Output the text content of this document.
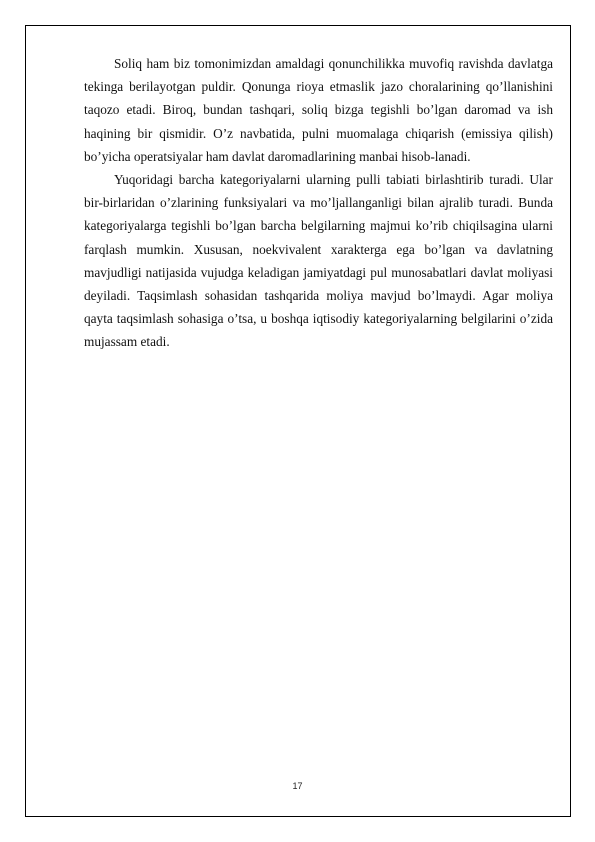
Soliq ham biz tomonimizdan amaldagi qonunchilikka muvofiq ravishda davlatga tekinga berilayotgan puldir. Qonunga rioya etmaslik jazo choralarining qo’llanishini taqozo etadi. Biroq, bundan tashqari, soliq bizga tegishli bo’lgan daromad va ish haqining bir qismidir. O’z navbatida, pulni muomalaga chiqarish (emissiya qilish) bo’yicha operatsiyalar ham davlat daromadlarining manbai hisob-lanadi.

Yuqoridagi barcha kategoriyalarni ularning pulli tabiati birlashtirib turadi. Ular bir-birlaridan o’zlarining funksiyalari va mo’ljallanganligi bilan ajralib turadi. Bunda kategoriyalarga tegishli bo’lgan barcha belgilarning majmui ko’rib chiqilsagina ularni farqlash mumkin. Xususan, noekvivalent xarakterga ega bo’lgan va davlatning mavjudligi natijasida vujudga keladigan jamiyatdagi pul munosabatlari davlat moliyasi deyiladi. Taqsimlash sohasidan tashqarida moliya mavjud bo’lmaydi. Agar moliya qayta taqsimlash sohasiga o’tsa, u boshqa iqtisodiy kategoriyalarning belgilarini o’zida mujassam etadi.

17
